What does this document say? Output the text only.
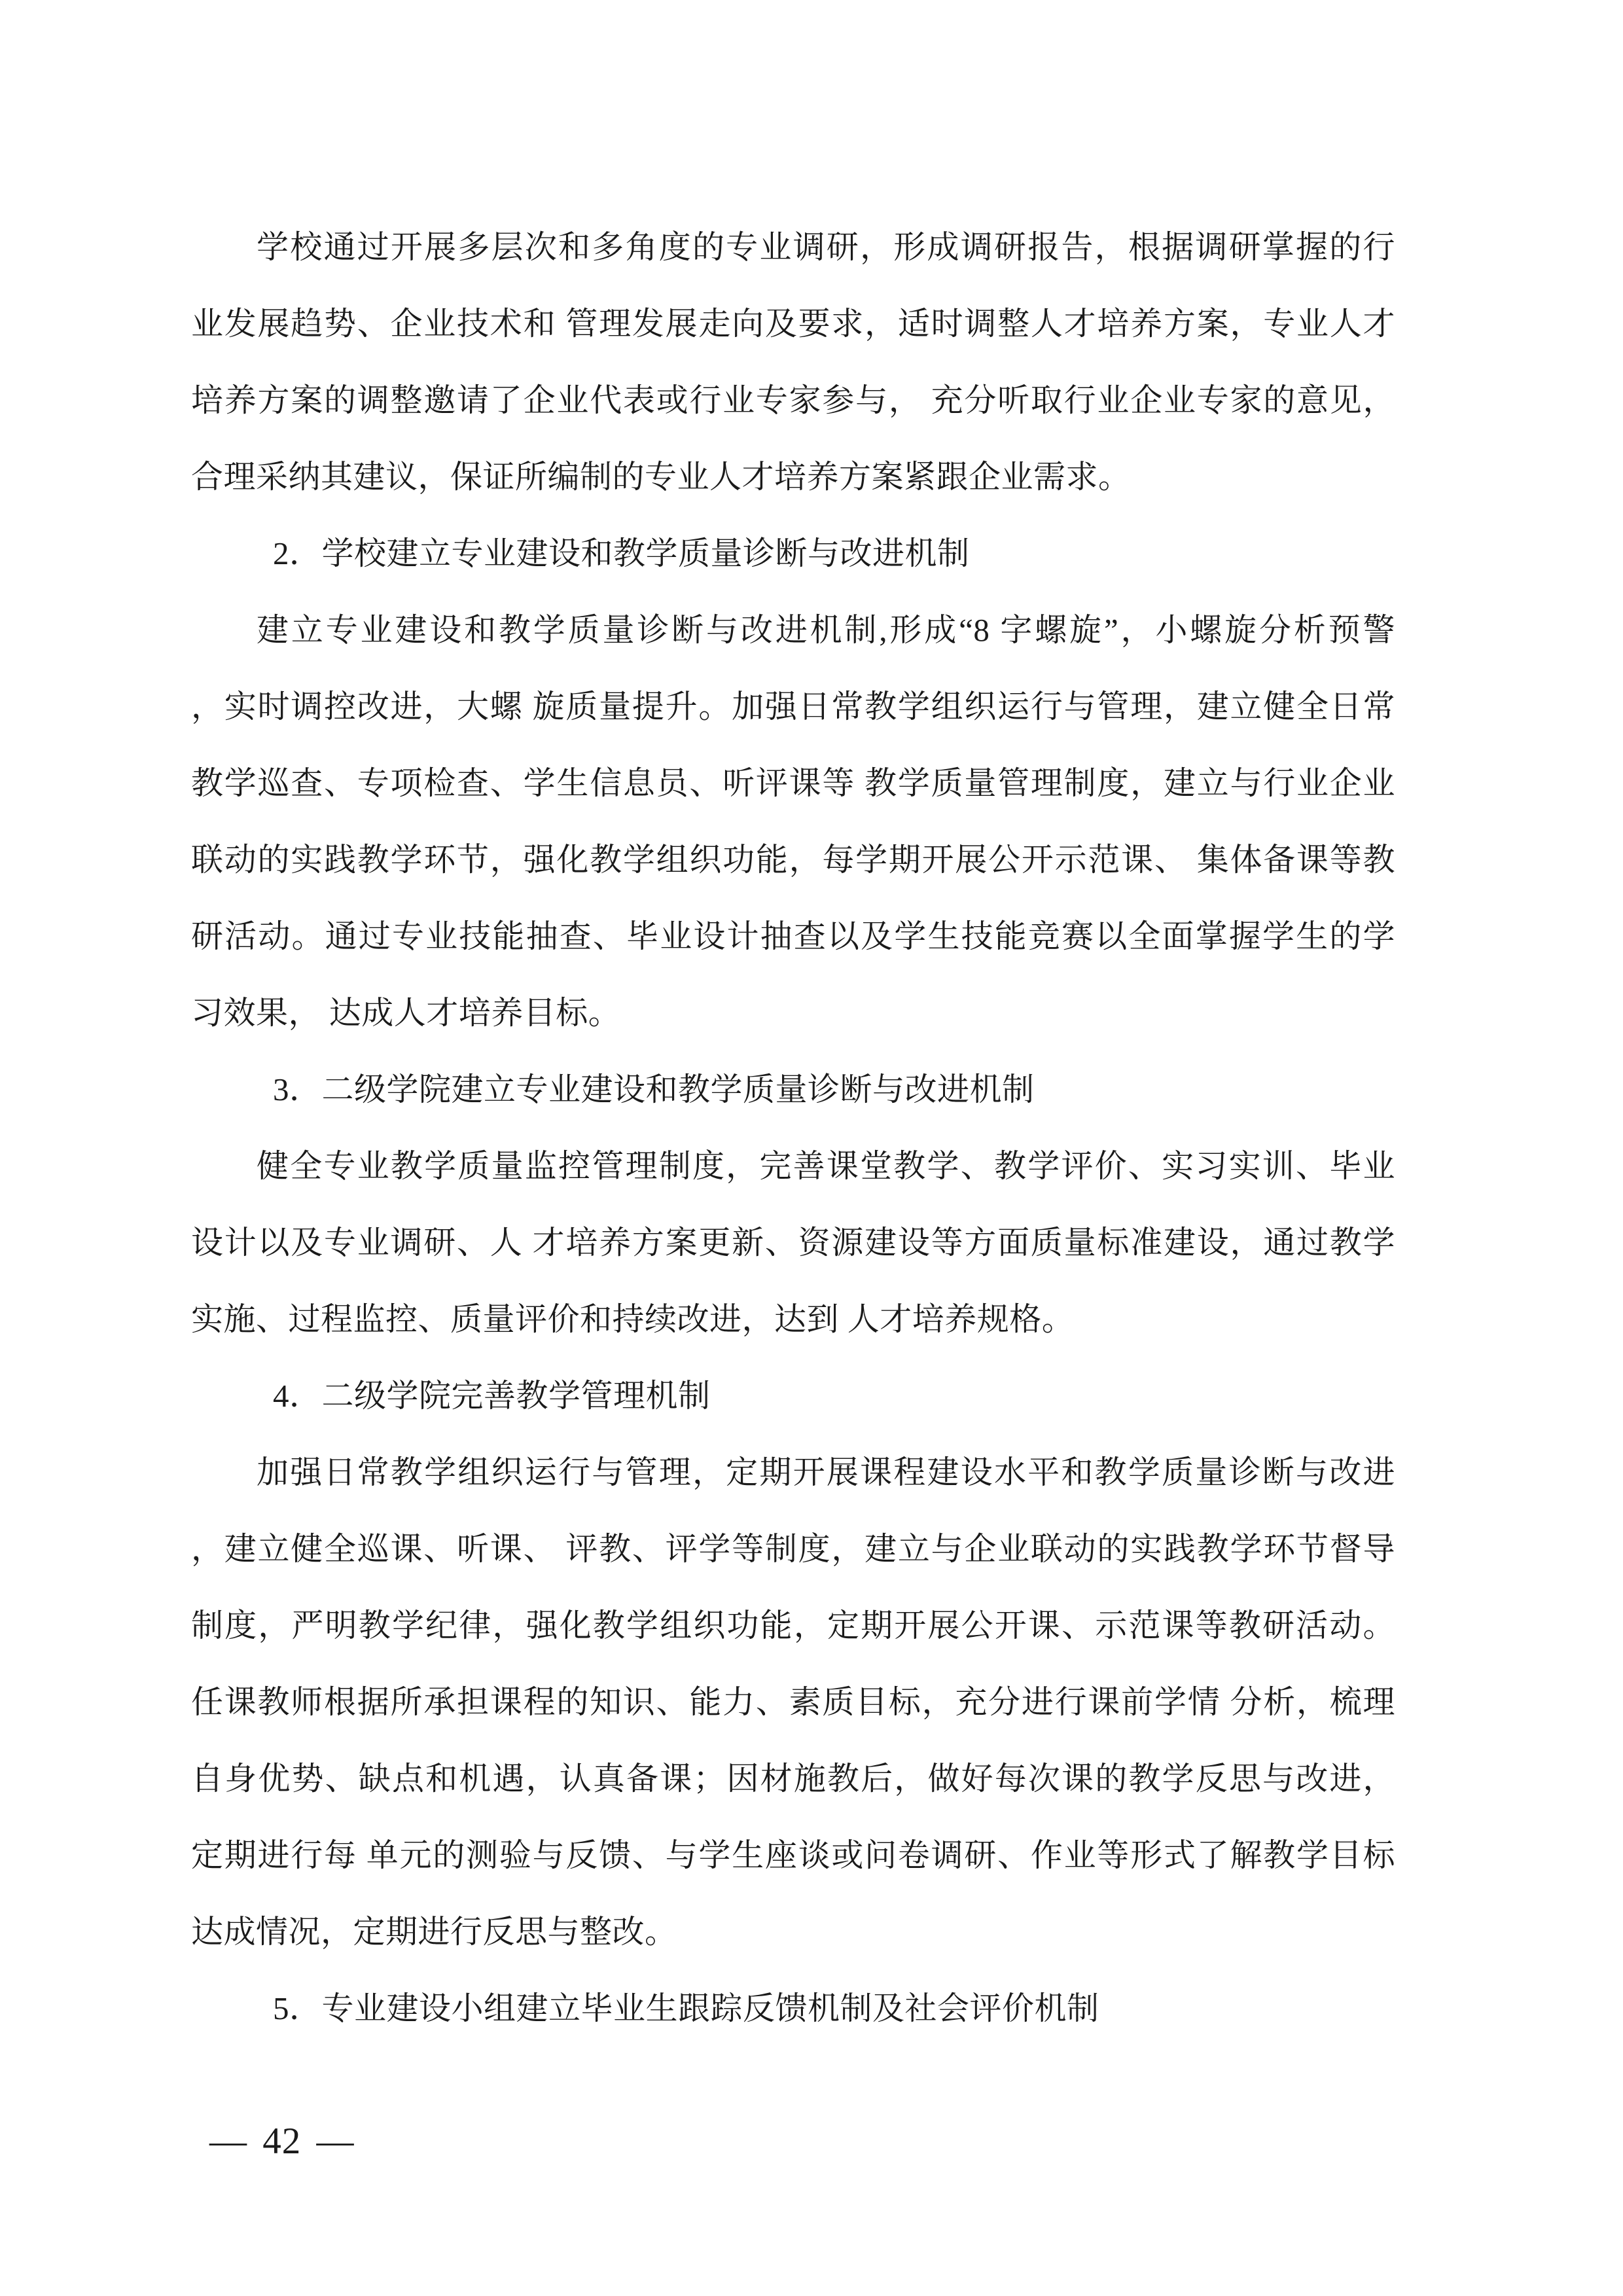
学校通过开展多层次和多角度的专业调研，形成调研报告，根据调研掌握的行
业发展趋势、企业技术和 管理发展走向及要求，适时调整人才培养方案，专业人才
培养方案的调整邀请了企业代表或行业专家参与， 充分听取行业企业专家的意见，
合理采纳其建议，保证所编制的专业人才培养方案紧跟企业需求。
2．学校建立专业建设和教学质量诊断与改进机制
建立专业建设和教学质量诊断与改进机制,形成“8 字螺旋”，小螺旋分析预警
，实时调控改进，大螺 旋质量提升。加强日常教学组织运行与管理，建立健全日常
教学巡查、专项检查、学生信息员、听评课等 教学质量管理制度，建立与行业企业
联动的实践教学环节，强化教学组织功能，每学期开展公开示范课、 集体备课等教
研活动。通过专业技能抽查、毕业设计抽查以及学生技能竞赛以全面掌握学生的学
习效果， 达成人才培养目标。
3．二级学院建立专业建设和教学质量诊断与改进机制
健全专业教学质量监控管理制度，完善课堂教学、教学评价、实习实训、毕业
设计以及专业调研、人 才培养方案更新、资源建设等方面质量标准建设，通过教学
实施、过程监控、质量评价和持续改进，达到 人才培养规格。
4．二级学院完善教学管理机制
加强日常教学组织运行与管理，定期开展课程建设水平和教学质量诊断与改进
，建立健全巡课、听课、 评教、评学等制度，建立与企业联动的实践教学环节督导
制度，严明教学纪律，强化教学组织功能，定期开展公开课、示范课等教研活动。
任课教师根据所承担课程的知识、能力、素质目标，充分进行课前学情 分析，梳理
自身优势、缺点和机遇，认真备课；因材施教后，做好每次课的教学反思与改进，
定期进行每 单元的测验与反馈、与学生座谈或问卷调研、作业等形式了解教学目标
达成情况，定期进行反思与整改。
5．专业建设小组建立毕业生跟踪反馈机制及社会评价机制
— 42 —
